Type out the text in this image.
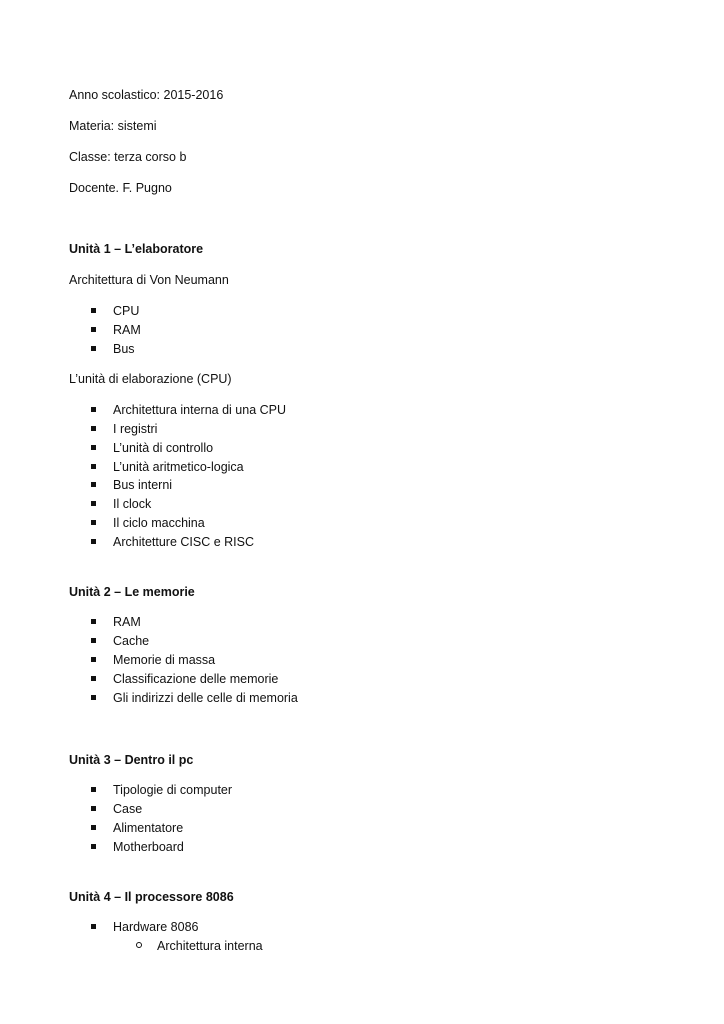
Anno scolastico: 2015-2016
Materia: sistemi
Classe: terza corso b
Docente. F. Pugno
Unità 1 – L’elaboratore
Architettura di Von Neumann
CPU
RAM
Bus
L’unità di elaborazione (CPU)
Architettura interna di una CPU
I registri
L’unità di controllo
L’unità aritmetico-logica
Bus interni
Il clock
Il ciclo macchina
Architetture CISC e RISC
Unità 2 – Le memorie
RAM
Cache
Memorie di massa
Classificazione delle memorie
Gli indirizzi delle celle di memoria
Unità 3 – Dentro il pc
Tipologie di computer
Case
Alimentatore
Motherboard
Unità 4 – Il processore 8086
Hardware 8086
Architettura interna
